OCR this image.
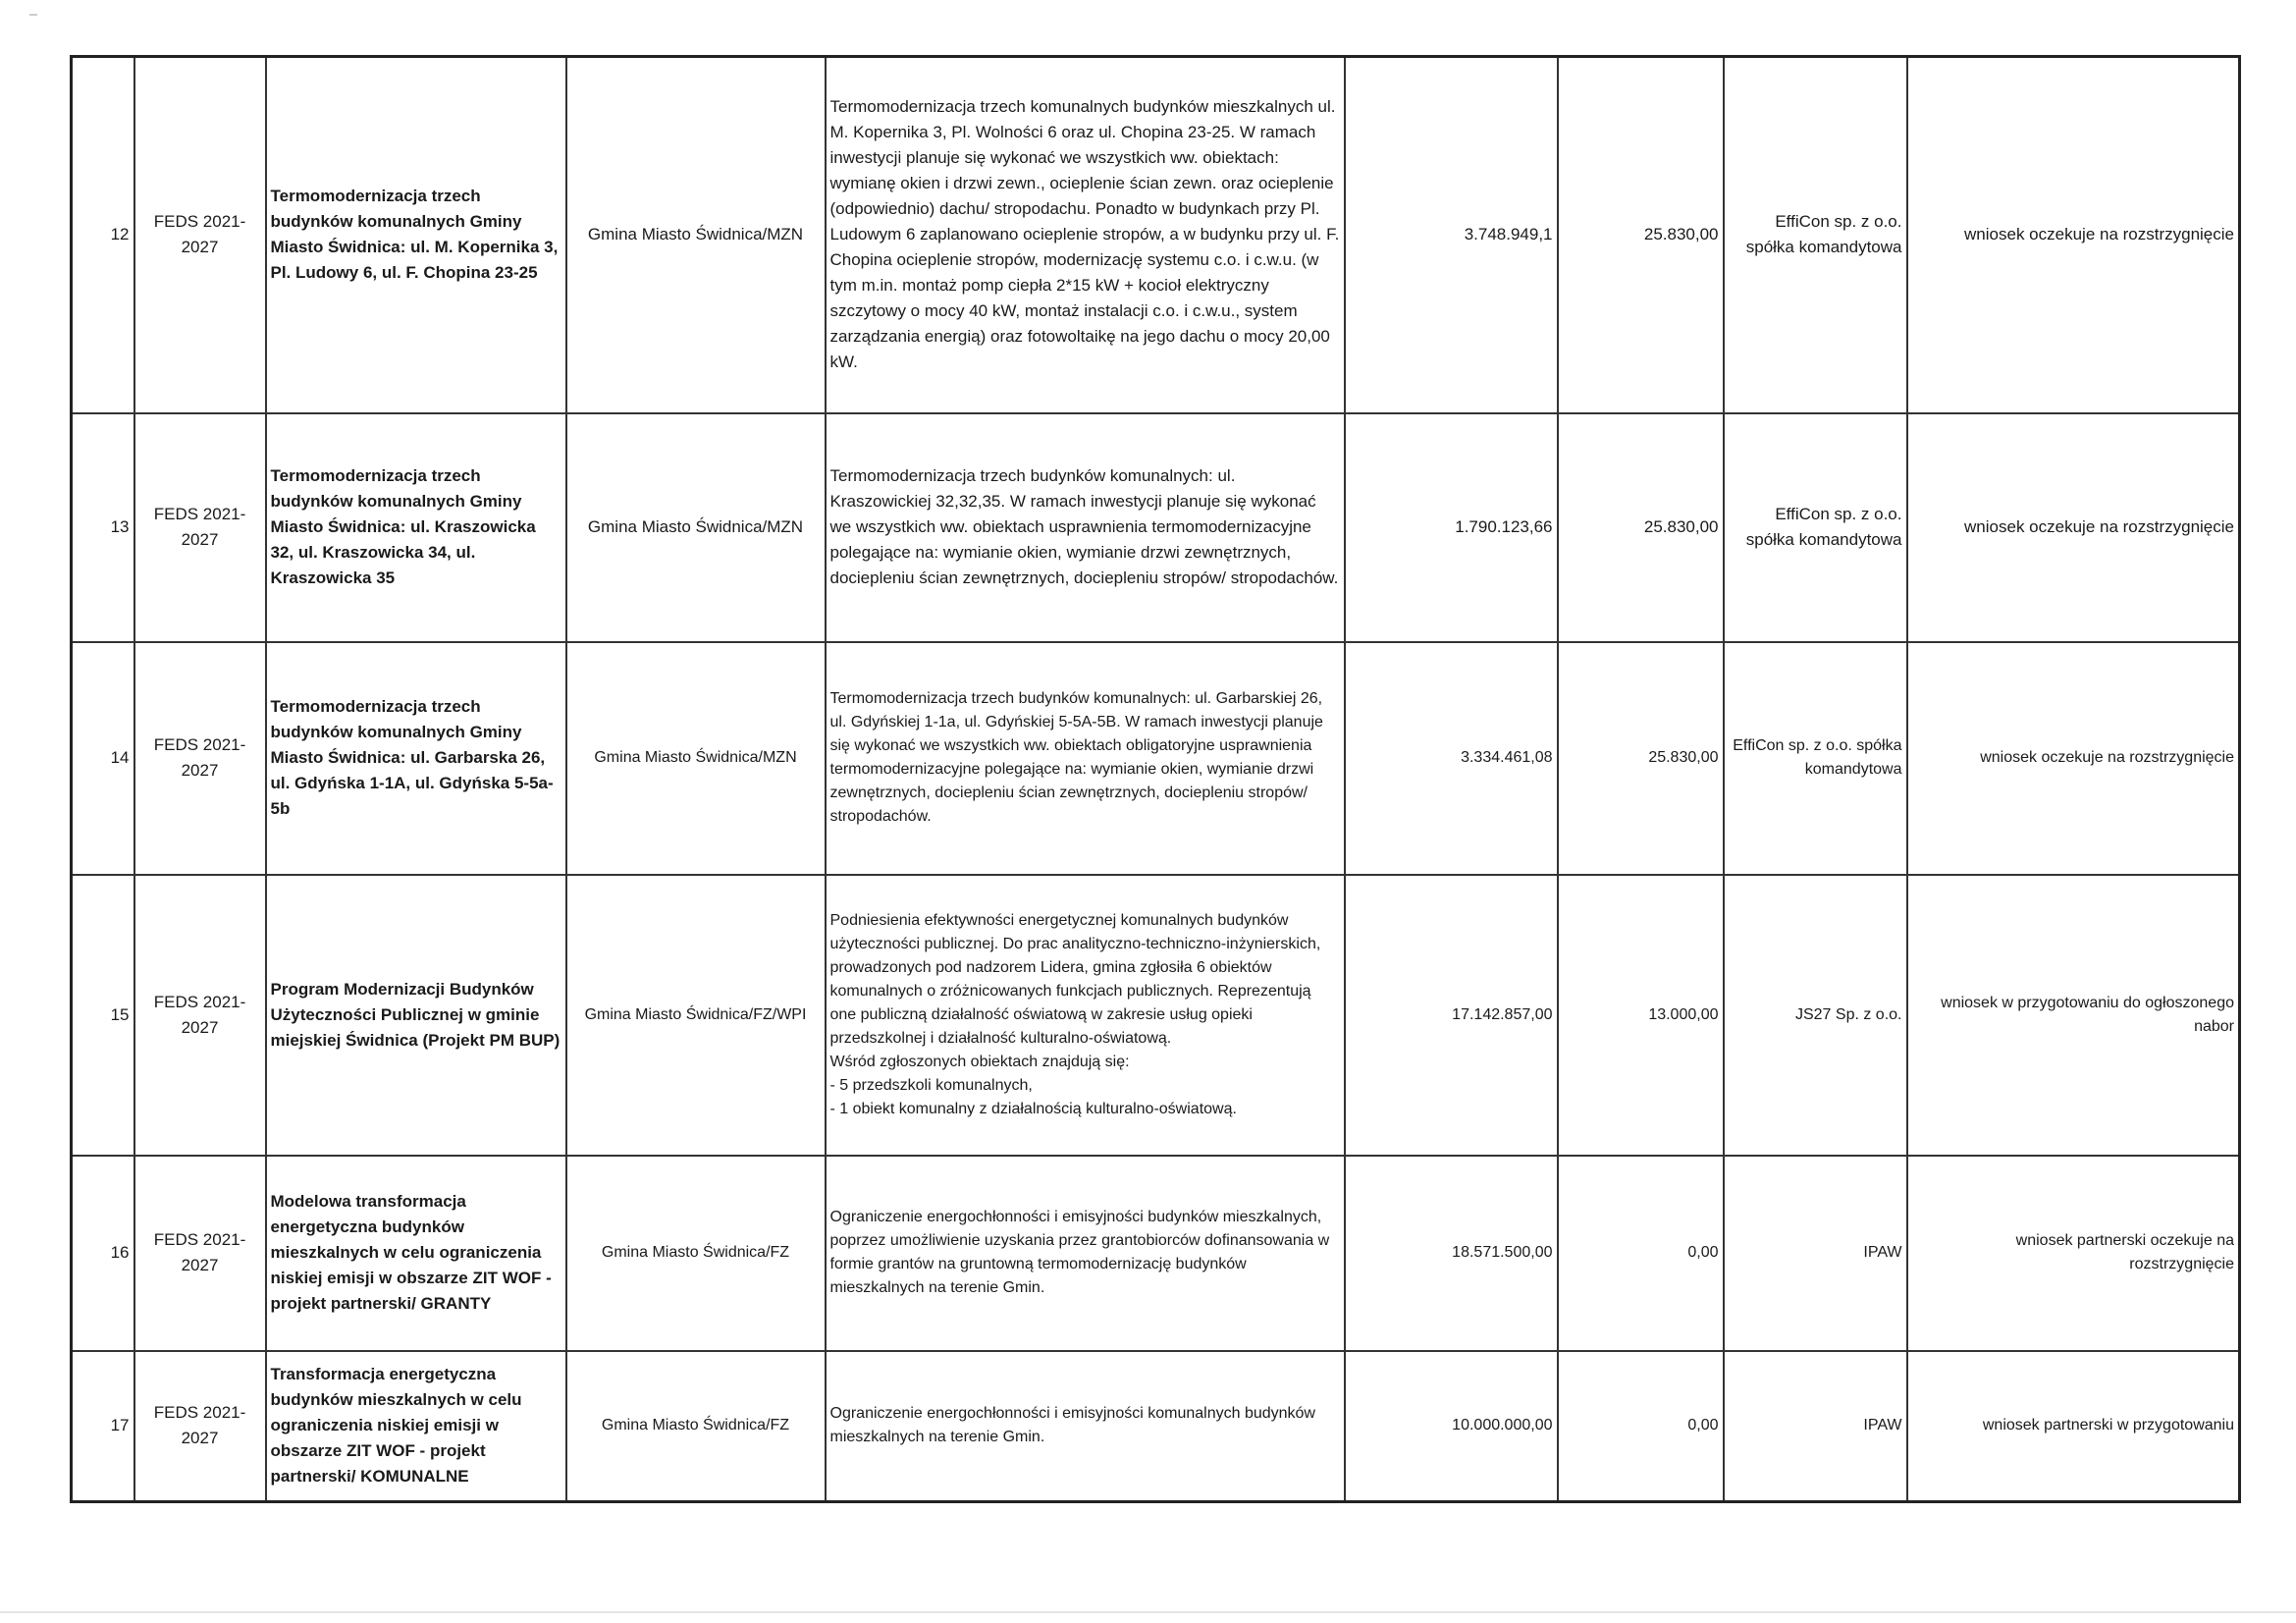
12	FEDS 2021-2027	Termomodernizacja trzech budynków komunalnych Gminy Miasto Świdnica: ul. M. Kopernika 3, Pl. Ludowy 6, ul. F. Chopina 23-25	Gmina Miasto Świdnica/MZN	Termomodernizacja trzech komunalnych budynków mieszkalnych ul. M. Kopernika 3, Pl. Wolności 6 oraz ul. Chopina 23-25. W ramach inwestycji planuje się wykonać we wszystkich ww. obiektach: wymianę okien i drzwi zewn., ocieplenie ścian zewn. oraz ocieplenie (odpowiednio) dachu/ stropodachu. Ponadto w budynkach przy Pl. Ludowym 6 zaplanowano ocieplenie stropów, a w budynku przy ul. F. Chopina ocieplenie stropów, modernizację systemu c.o. i c.w.u. (w tym m.in. montaż pomp ciepła 2*15 kW + kocioł elektryczny szczytowy o mocy 40 kW, montaż instalacji c.o. i c.w.u., system zarządzania energią) oraz fotowoltaikę na jego dachu o mocy 20,00 kW.	3.748.949,1	25.830,00	EffiCon sp. z o.o. spółka komandytowa	wniosek oczekuje na rozstrzygnięcie
13	FEDS 2021-2027	Termomodernizacja trzech budynków komunalnych Gminy Miasto Świdnica: ul. Kraszowicka 32, ul. Kraszowicka 34, ul. Kraszowicka 35	Gmina Miasto Świdnica/MZN	Termomodernizacja trzech budynków komunalnych: ul. Kraszowickiej 32,32,35. W ramach inwestycji planuje się wykonać we wszystkich ww. obiektach usprawnienia termomodernizacyjne polegające na: wymianie okien, wymianie drzwi zewnętrznych, dociepleniu ścian zewnętrznych, dociepleniu stropów/ stropodachów.	1.790.123,66	25.830,00	EffiCon sp. z o.o. spółka komandytowa	wniosek oczekuje na rozstrzygnięcie
14	FEDS 2021-2027	Termomodernizacja trzech budynków komunalnych Gminy Miasto Świdnica: ul. Garbarska 26, ul. Gdyńska 1-1A, ul. Gdyńska 5-5a-5b	Gmina Miasto Świdnica/MZN	Termomodernizacja trzech budynków komunalnych: ul. Garbarskiej 26, ul. Gdyńskiej 1-1a, ul. Gdyńskiej 5-5A-5B. W ramach inwestycji planuje się wykonać we wszystkich ww. obiektach obligatoryjne usprawnienia termomodernizacyjne polegające na: wymianie okien, wymianie drzwi zewnętrznych, dociepleniu ścian zewnętrznych, dociepleniu stropów/ stropodachów.	3.334.461,08	25.830,00	EffiCon sp. z o.o. spółka komandytowa	wniosek oczekuje na rozstrzygnięcie
15	FEDS 2021-2027	Program Modernizacji Budynków Użyteczności Publicznej w gminie miejskiej Świdnica (Projekt PM BUP)	Gmina Miasto Świdnica/FZ/WPI	Podniesienia efektywności energetycznej komunalnych budynków użyteczności publicznej. Do prac analityczno-techniczno-inżynierskich, prowadzonych pod nadzorem Lidera, gmina zgłosiła 6 obiektów komunalnych o zróżnicowanych funkcjach publicznych. Reprezentują one publiczną działalność oświatową w zakresie usług opieki przedszkolnej i działalność kulturalno-oświatową.
Wśród zgłoszonych obiektach znajdują się:
- 5 przedszkoli komunalnych,
- 1 obiekt komunalny z działalnością kulturalno-oświatową.	17.142.857,00	13.000,00	JS27 Sp. z o.o.	wniosek w przygotowaniu do ogłoszonego nabor
16	FEDS 2021-2027	Modelowa transformacja energetyczna budynków mieszkalnych w celu ograniczenia niskiej emisji w obszarze ZIT WOF - projekt partnerski/ GRANTY	Gmina Miasto Świdnica/FZ	Ograniczenie energochłonności i emisyjności budynków mieszkalnych, poprzez umożliwienie uzyskania przez grantobiorców dofinansowania w formie grantów na gruntowną termomodernizację budynków mieszkalnych na terenie Gmin.	18.571.500,00	0,00	IPAW	wniosek partnerski oczekuje na rozstrzygnięcie
17	FEDS 2021-2027	Transformacja energetyczna budynków mieszkalnych w celu ograniczenia niskiej emisji w obszarze ZIT WOF - projekt partnerski/ KOMUNALNE	Gmina Miasto Świdnica/FZ	Ograniczenie energochłonności i emisyjności komunalnych budynków mieszkalnych na terenie Gmin.	10.000.000,00	0,00	IPAW	wniosek partnerski w przygotowaniu
